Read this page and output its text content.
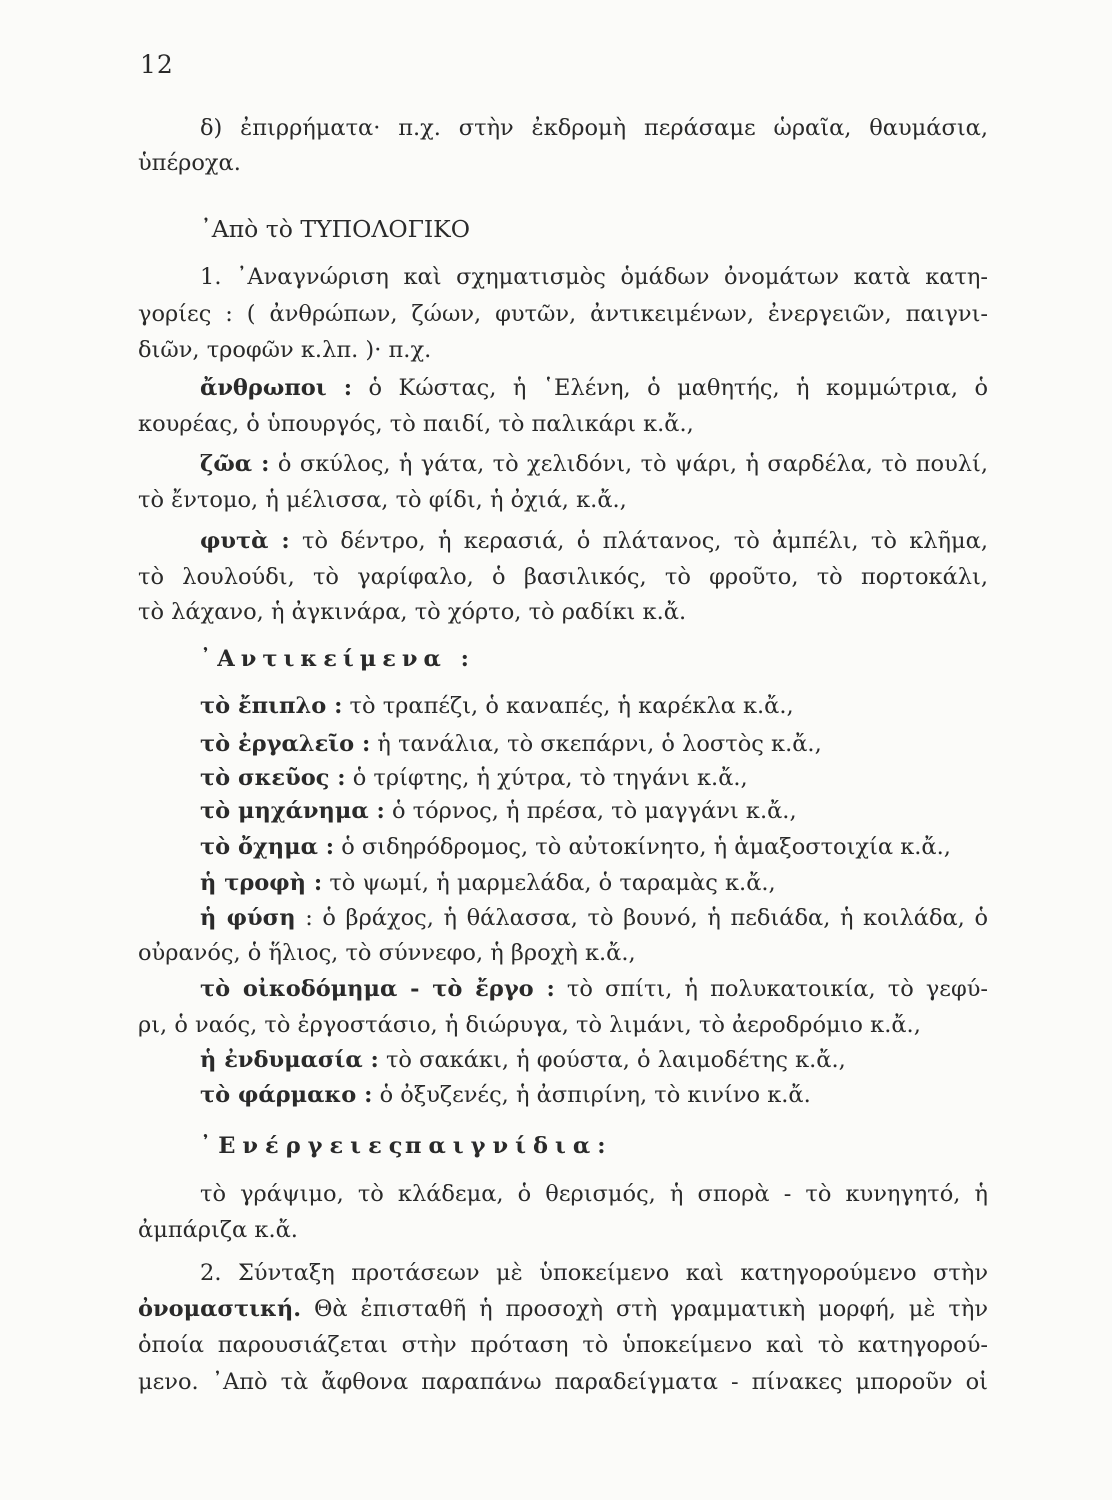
12
δ) ἐπιρρήματα· π.χ. στὴν ἐκδρομὴ περάσαμε ὡραῖα, θαυμάσια,
ὑπέροχα.
᾿Απὸ τὸ ΤΥΠΟΛΟΓΙΚΟ
1. ᾿Αναγνώριση καὶ σχηματισμὸς ὁμάδων ὀνομάτων κατὰ κατη-
γορίες : ( ἀνθρώπων, ζώων, φυτῶν, ἀντικειμένων, ἐνεργειῶν, παιγνι-
διῶν, τροφῶν κ.λπ. )· π.χ.
ἄνθρωποι : ὁ Κώστας, ἡ ῾Ελένη, ὁ μαθητής, ἡ κομμώτρια, ὁ
κουρέας, ὁ ὑπουργός, τὸ παιδί, τὸ παλικάρι κ.ἄ.,
ζῶα : ὁ σκύλος, ἡ γάτα, τὸ χελιδόνι, τὸ ψάρι, ἡ σαρδέλα, τὸ πουλί,
τὸ ἔντομο, ἡ μέλισσα, τὸ φίδι, ἡ ὀχιά, κ.ἄ.,
φυτὰ : τὸ δέντρο, ἡ κερασιά, ὁ πλάτανος, τὸ ἀμπέλι, τὸ κλῆμα,
τὸ λουλούδι, τὸ γαρίφαλο, ὁ βασιλικός, τὸ φροῦτο, τὸ πορτοκάλι,
τὸ λάχανο, ἡ ἀγκινάρα, τὸ χόρτο, τὸ ραδίκι κ.ἄ.
᾿Αντικείμενα :
τὸ ἔπιπλο : τὸ τραπέζι, ὁ καναπές, ἡ καρέκλα κ.ἄ.,
τὸ ἐργαλεῖο : ἡ τανάλια, τὸ σκεπάρνι, ὁ λοστὸς κ.ἄ.,
τὸ σκεῦος : ὁ τρίφτης, ἡ χύτρα, τὸ τηγάνι κ.ἄ.,
τὸ μηχάνημα : ὁ τόρνος, ἡ πρέσα, τὸ μαγγάνι κ.ἄ.,
τὸ ὄχημα : ὁ σιδηρόδρομος, τὸ αὐτοκίνητο, ἡ ἁμαξοστοιχία κ.ἄ.,
ἡ τροφὴ : τὸ ψωμί, ἡ μαρμελάδα, ὁ ταραμὰς κ.ἄ.,
ἡ φύση : ὁ βράχος, ἡ θάλασσα, τὸ βουνό, ἡ πεδιάδα, ἡ κοιλάδα, ὁ
οὐρανός, ὁ ἥλιος, τὸ σύννεφο, ἡ βροχὴ κ.ἄ.,
τὸ οἰκοδόμημα - τὸ ἔργο : τὸ σπίτι, ἡ πολυκατοικία, τὸ γεφύ-
ρι, ὁ ναός, τὸ ἐργοστάσιο, ἡ διώρυγα, τὸ λιμάνι, τὸ ἀεροδρόμιο κ.ἄ.,
ἡ ἐνδυμασία : τὸ σακάκι, ἡ φούστα, ὁ λαιμοδέτης κ.ἄ.,
τὸ φάρμακο : ὁ ὀξυζενές, ἡ ἀσπιρίνη, τὸ κινίνο κ.ἄ.
᾿Ενέργειες
παιγνίδια:
τὸ γράψιμο, τὸ κλάδεμα, ὁ θερισμός, ἡ σπορὰ - τὸ κυνηγητό, ἡ
ἀμπάριζα κ.ἄ.
2. Σύνταξη προτάσεων μὲ ὑποκείμενο καὶ κατηγορούμενο στὴν
ὀνομαστική. Θὰ ἐπισταθῆ ἡ προσοχὴ στὴ γραμματικὴ μορφή, μὲ τὴν
ὁποία παρουσιάζεται στὴν πρόταση τὸ ὑποκείμενο καὶ τὸ κατηγορού-
μενο. ᾿Απὸ τὰ ἄφθονα παραπάνω παραδείγματα - πίνακες μποροῦν οἱ
